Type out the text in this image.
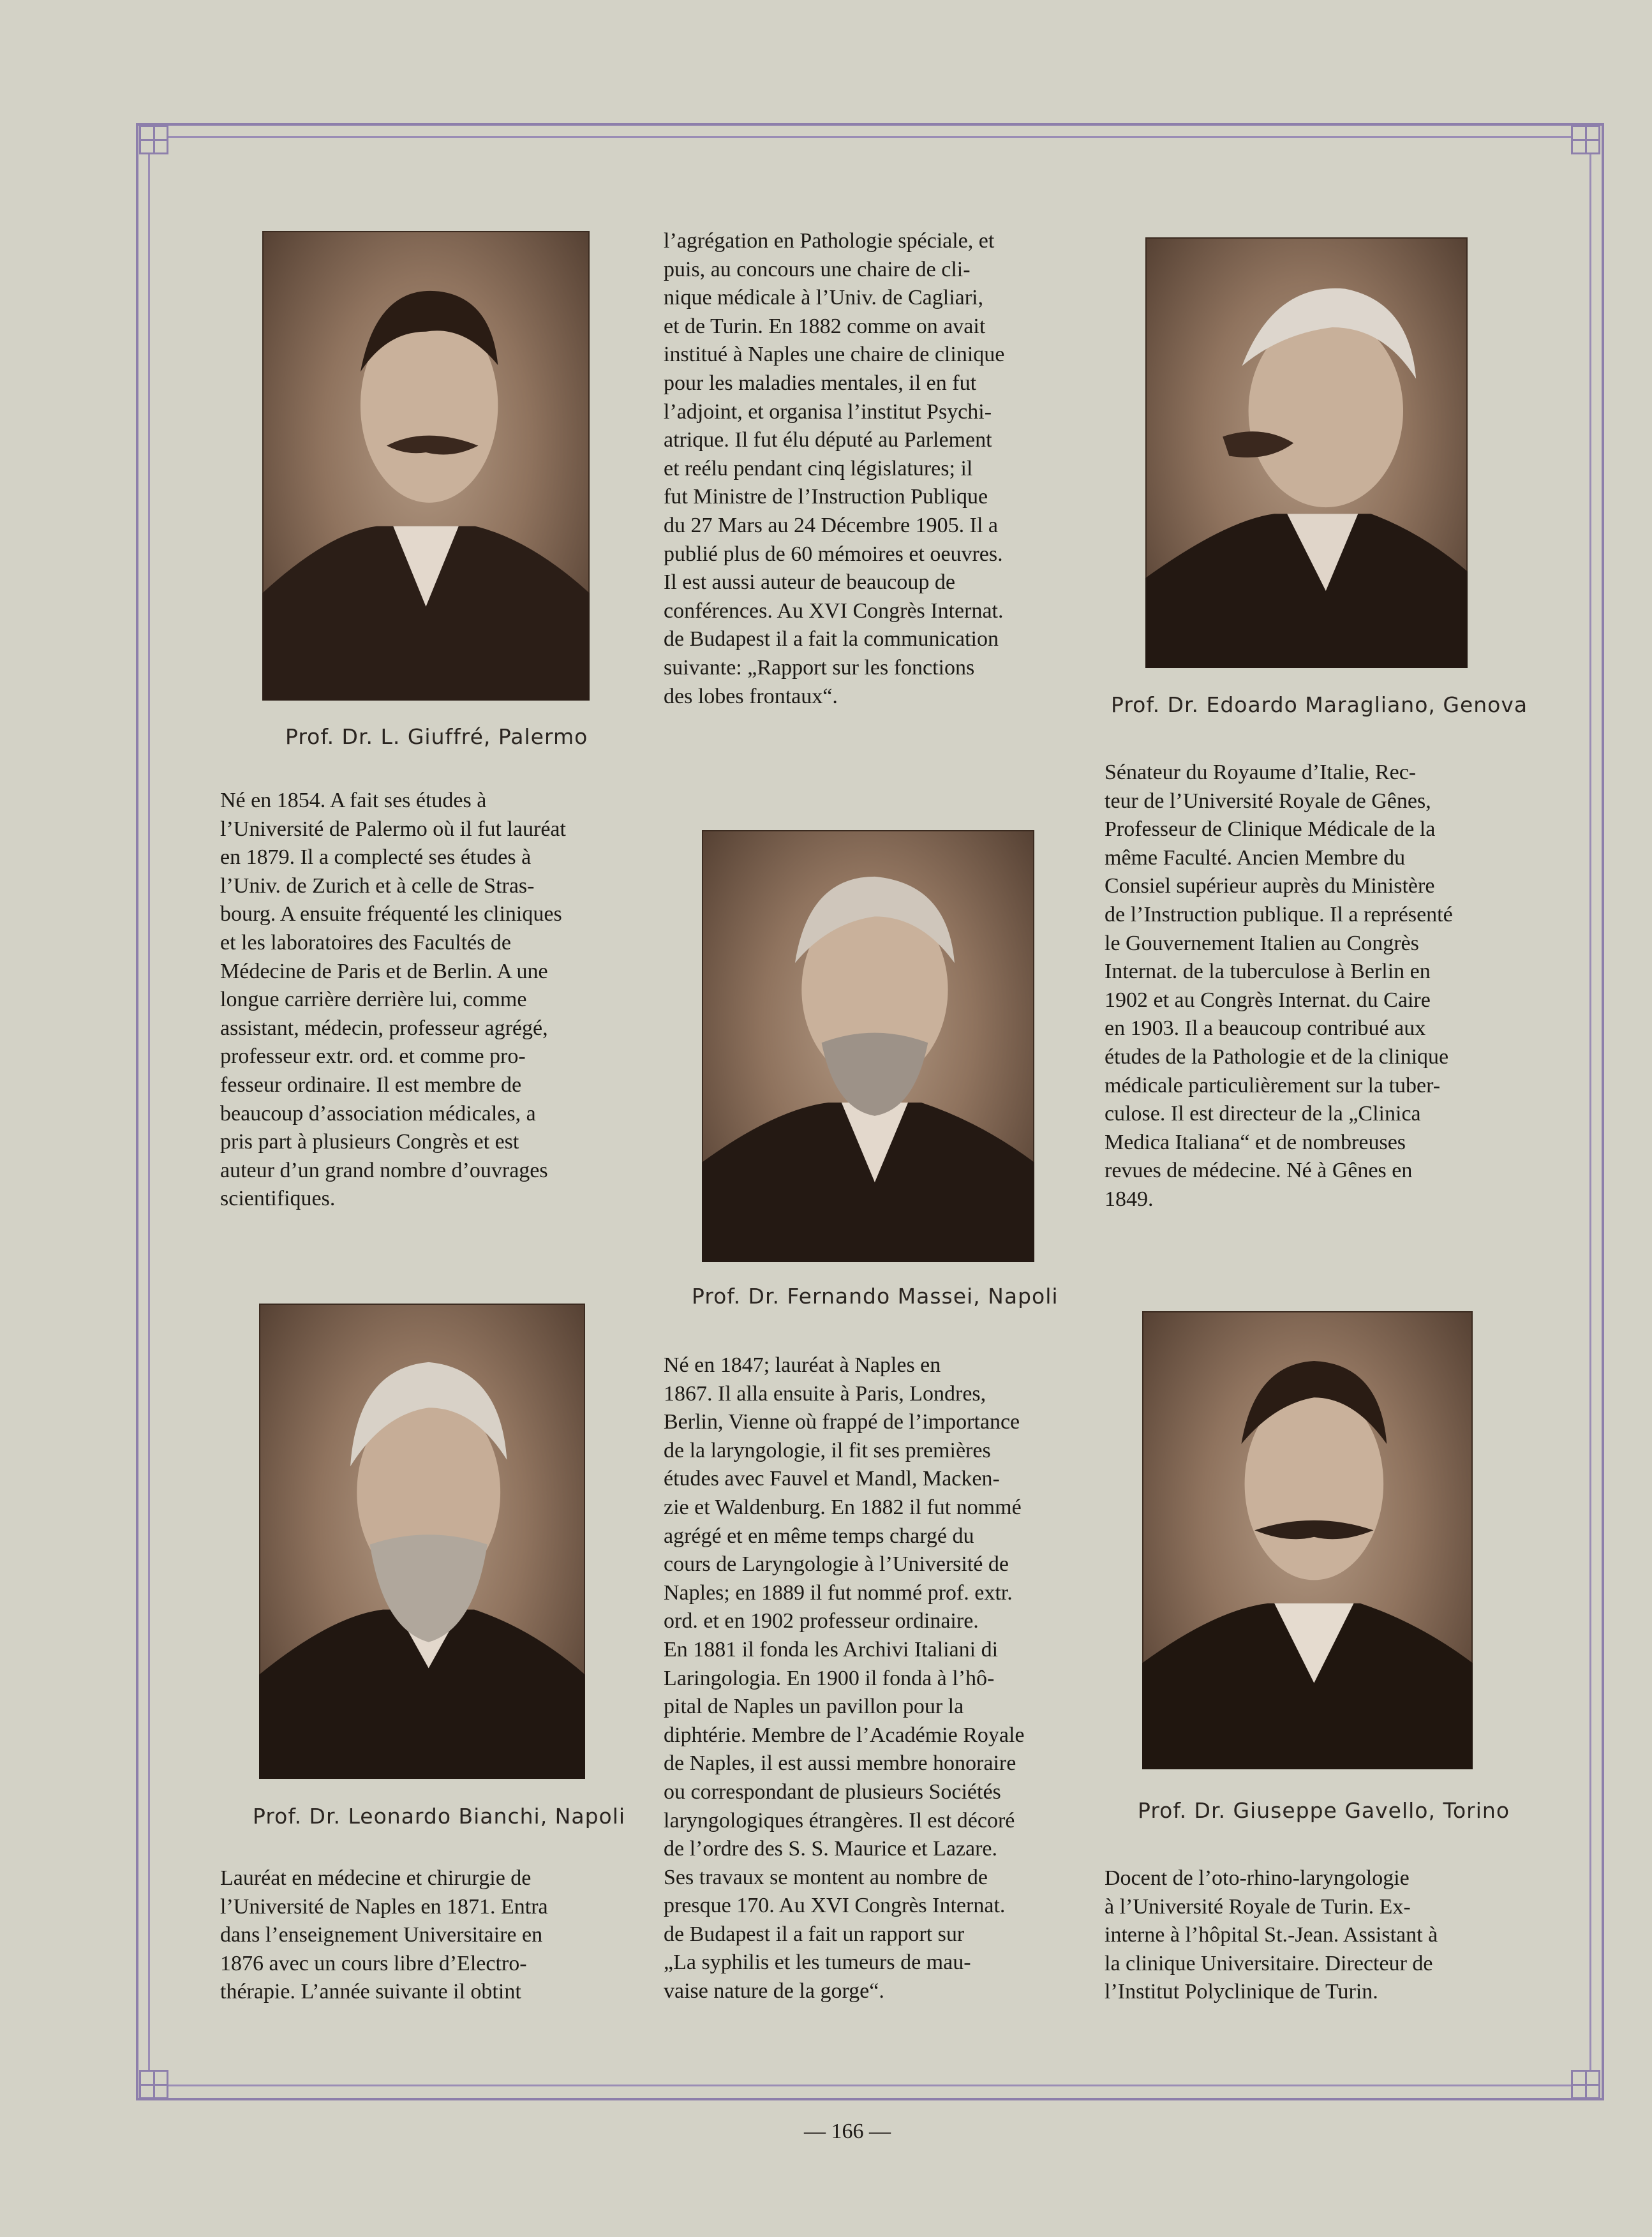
Prof. Dr. L. Giuffré, Palermo
Né en 1854. A fait ses études à
l’Université de Palermo où il fut lauréat
en 1879. Il a complecté ses études à
l’Univ. de Zurich et à celle de Stras-
bourg. A ensuite fréquenté les cliniques
et les laboratoires des Facultés de
Médecine de Paris et de Berlin. A une
longue carrière derrière lui, comme
assistant, médecin, professeur agrégé,
professeur extr. ord. et comme pro-
fesseur ordinaire. Il est membre de
beaucoup d’association médicales, a
pris part à plusieurs Congrès et est
auteur d’un grand nombre d’ouvrages
scientifiques.
l’agrégation en Pathologie spéciale, et
puis, au concours une chaire de cli-
nique médicale à l’Univ. de Cagliari,
et de Turin. En 1882 comme on avait
institué à Naples une chaire de clinique
pour les maladies mentales, il en fut
l’adjoint, et organisa l’institut Psychi-
atrique. Il fut élu député au Parlement
et reélu pendant cinq législatures; il
fut Ministre de l’Instruction Publique
du 27 Mars au 24 Décembre 1905. Il a
publié plus de 60 mémoires et oeuvres.
Il est aussi auteur de beaucoup de
conférences. Au XVI Congrès Internat.
de Budapest il a fait la communication
suivante: „Rapport sur les fonctions
des lobes frontaux“.	Prof. Dr. Edoardo Maragliano, Genova
Sénateur du Royaume d’Italie, Rec-
teur de l’Université Royale de Gênes,
Professeur de Clinique Médicale de la
même Faculté. Ancien Membre du
Consiel supérieur auprès du Ministère
de l’Instruction publique. Il a représenté
le Gouvernement Italien au Congrès
Internat. de la tuberculose à Berlin en
1902 et au Congrès Internat. du Caire
en 1903. Il a beaucoup contribué aux
études de la Pathologie et de la clinique
médicale particulièrement sur la tuber-
culose. Il est directeur de la „Clinica
Medica Italiana“ et de nombreuses
revues de médecine. Né à Gênes en
1849.
Prof. Dr. Fernando Massei, Napoli
Né en 1847; lauréat à Naples en
1867. Il alla ensuite à Paris, Londres,
Berlin, Vienne où frappé de l’importance
de la laryngologie, il fit ses premières
études avec Fauvel et Mandl, Macken-
zie et Waldenburg. En 1882 il fut nommé
agrégé et en même temps chargé du
cours de Laryngologie à l’Université de
Naples; en 1889 il fut nommé prof. extr.
ord. et en 1902 professeur ordinaire.
En 1881 il fonda les Archivi Italiani di
Laringologia. En 1900 il fonda à l’hô-
pital de Naples un pavillon pour la
diphtérie. Membre de l’Académie Royale
de Naples, il est aussi membre honoraire
ou correspondant de plusieurs Sociétés
laryngologiques étrangères. Il est décoré
de l’ordre des S. S. Maurice et Lazare.
Ses travaux se montent au nombre de
presque 170. Au XVI Congrès Internat.
de Budapest il a fait un rapport sur
„La syphilis et les tumeurs de mau-
vaise nature de la gorge“.
Prof. Dr. Leonardo Bianchi, Napoli
Lauréat en médecine et chirurgie de
l’Université de Naples en 1871. Entra
dans l’enseignement Universitaire en
1876 avec un cours libre d’Electro-
thérapie. L’année suivante il obtint
Prof. Dr. Giuseppe Gavello, Torino
Docent de l’oto-rhino-laryngologie
à l’Université Royale de Turin. Ex-
interne à l’hôpital St.-Jean. Assistant à
la clinique Universitaire. Directeur de
l’Institut Polyclinique de Turin.
— 166 —
